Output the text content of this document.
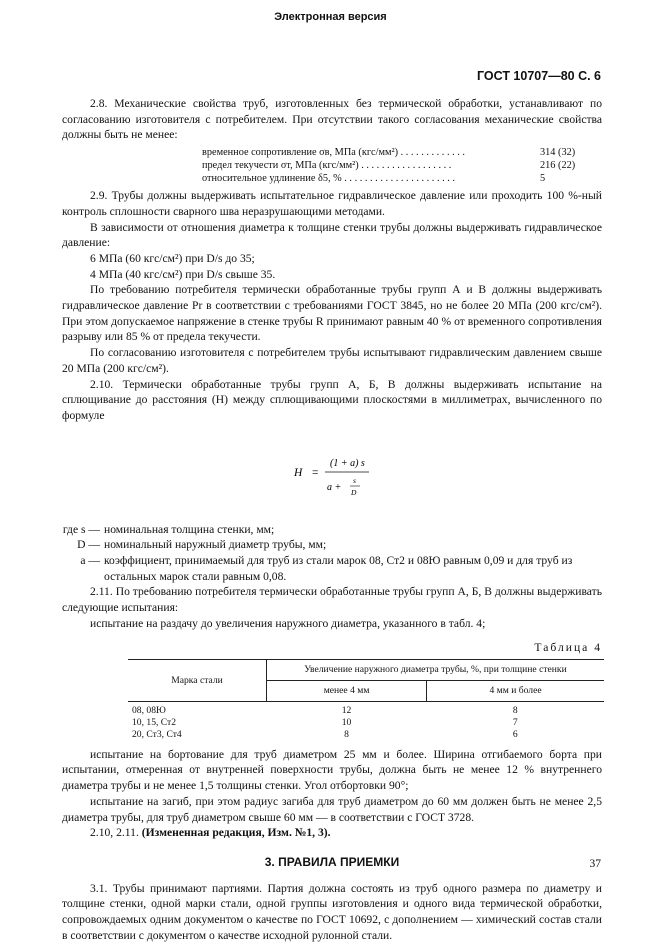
Электронная версия
ГОСТ 10707—80 С. 6

2.8. Механические свойства труб, изготовленных без термической обработки, устанавливают по согласованию изготовителя с потребителем. При отсутствии такого согласования механические свойства должны быть не менее:

временное сопротивление σв, МПа (кгс/мм²) . . . . . . . . . . . . .	314 (32)
предел текучести σт, МПа (кгс/мм²) . . . . . . . . . . . . . . . . . .	216 (22)
относительное удлинение δ5, % . . . . . . . . . . . . . . . . . . . . . .	5

2.9. Трубы должны выдерживать испытательное гидравлическое давление или проходить 100 %-ный контроль сплошности сварного шва неразрушающими методами.

В зависимости от отношения диаметра к толщине стенки трубы должны выдерживать гидравлическое давление:

6 МПа (60 кгс/см²) при D/s до 35;

4 МПа (40 кгс/см²) при D/s свыше 35.

По требованию потребителя термически обработанные трубы групп А и В должны выдерживать гидравлическое давление Pr в соответствии с требованиями ГОСТ 3845, но не более 20 МПа (200 кгс/см²). При этом допускаемое напряжение в стенке трубы R принимают равным 40 % от временного сопротивления разрыву или 85 % от предела текучести.

По согласованию изготовителя с потребителем трубы испытывают гидравлическим давлением свыше 20 МПа (200 кгс/см²).

2.10. Термически обработанные трубы групп А, Б, В должны выдерживать испытание на сплющивание до расстояния (H) между сплющивающими плоскостями в миллиметрах, вычисленного по формуле

H =
(1 + a) s
a +
s
D
где s — номинальная толщина стенки, мм;
D — номинальный наружный диаметр трубы, мм;
a — коэффициент, принимаемый для труб из стали марок 08, Ст2 и 08Ю равным 0,09 и для труб из остальных марок стали равным 0,08.

2.11. По требованию потребителя термически обработанные трубы групп А, Б, В должны выдерживать следующие испытания:

испытание на раздачу до увеличения наружного диаметра, указанного в табл. 4;

Таблица 4
Марка стали	Увеличение наружного диаметра трубы, %, при толщине стенки	
	менее 4 мм	4 мм и более
08, 08Ю	12	8
10, 15, Ст2	10	7
20, Ст3, Ст4	8	6

испытание на бортование для труб диаметром 25 мм и более. Ширина отгибаемого борта при испытании, отмеренная от внутренней поверхности трубы, должна быть не менее 12 % внутреннего диаметра трубы и не менее 1,5 толщины стенки. Угол отбортовки 90°;

испытание на загиб, при этом радиус загиба для труб диаметром до 60 мм должен быть не менее 2,5 диаметра трубы, для труб диаметром свыше 60 мм — в соответствии с ГОСТ 3728.

2.10, 2.11. (Измененная редакция, Изм. №1, 3).

3. ПРАВИЛА ПРИЕМКИ

3.1. Трубы принимают партиями. Партия должна состоять из труб одного размера по диаметру и толщине стенки, одной марки стали, одной группы изготовления и одного вида термической обработки, сопровождаемых одним документом о качестве по ГОСТ 10692, с дополнением — химический состав стали в соответствии с документом о качестве исходной рулонной стали.

37
